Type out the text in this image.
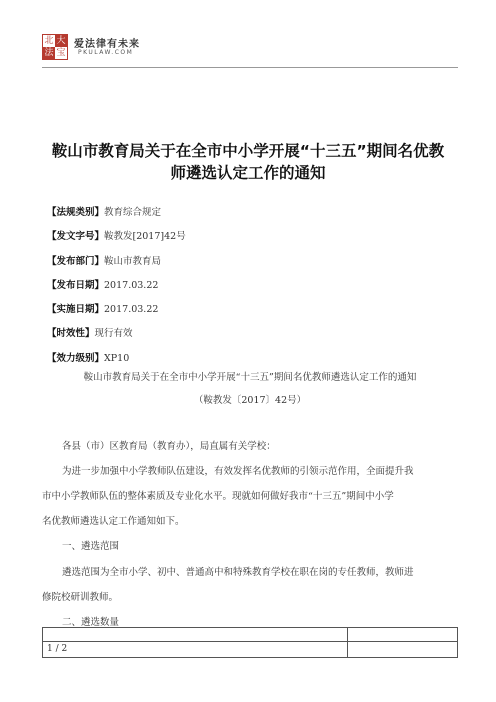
北 大
法 宝
爱法律有未来
PKULAW.COM
鞍山市教育局关于在全市中小学开展“十三五”期间名优教
师遴选认定工作的通知
【法规类别】教育综合规定
【发文字号】鞍教发[2017]42号
【发布部门】鞍山市教育局
【发布日期】2017.03.22
【实施日期】2017.03.22
【时效性】现行有效
【效力级别】XP10
鞍山市教育局关于在全市中小学开展“十三五”期间名优教师遴选认定工作的通知
（鞍教发〔2017〕42号）
各县（市）区教育局（教育办），局直属有关学校：
为进一步加强中小学教师队伍建设，有效发挥名优教师的引领示范作用，全面提升我
市中小学教师队伍的整体素质及专业化水平。现就如何做好我市“十三五”期间中小学
名优教师遴选认定工作通知如下。
一、遴选范围
遴选范围为全市小学、初中、普通高中和特殊教育学校在职在岗的专任教师，教师进
修院校研训教师。
二、遴选数量
1 / 2
